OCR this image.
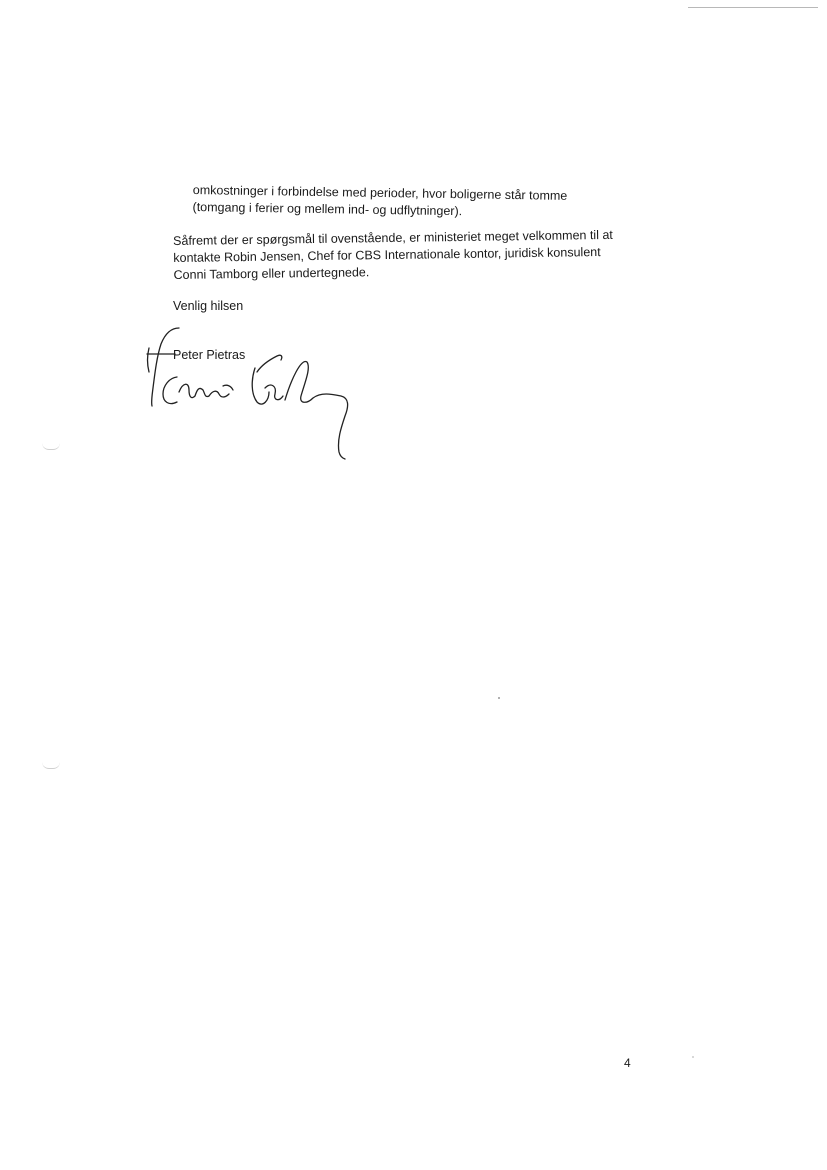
omkostninger i forbindelse med perioder, hvor boligerne står tomme
(tomgang i ferier og mellem ind- og udflytninger).
Såfremt der er spørgsmål til ovenstående, er ministeriet meget velkommen til at
kontakte Robin Jensen, Chef for CBS Internationale kontor, juridisk konsulent
Conni Tamborg eller undertegnede.
Venlig hilsen
Peter Pietras
4
